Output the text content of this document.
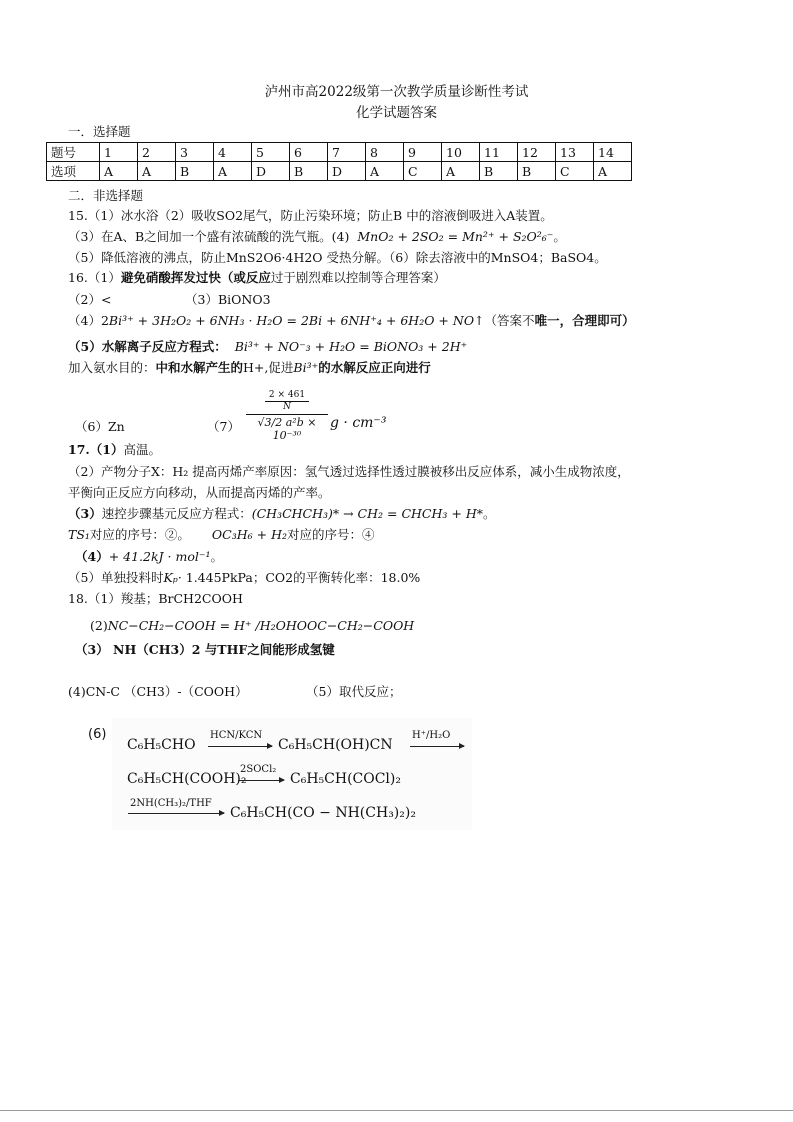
泸州市高2022级第一次教学质量诊断性考试
化学试题答案
一．选择题
题号	1	2	3	4	5	6	7	8	9	10	11	12	13	14
选项	A	A	B	A	D	B	D	A	C	A	B	B	C	A
二．非选择题
15.（1）冰水浴（2）吸收SO2尾气，防止污染环境；防止B 中的溶液倒吸进入A装置。
（3）在A、B之间加一个盛有浓硫酸的洗气瓶。(4) MnO₂ + 2SO₂ = Mn²⁺ + S₂O²₆⁻。
（5）降低溶液的沸点，防止MnS2O6·4H2O 受热分解。（6）除去溶液中的MnSO4；BaSO4。
16.（1）避免硝酸挥发过快（或反应过于剧烈难以控制等合理答案）
（2）<	（3）BiONO3
（4）2Bi³⁺ + 3H₂O₂ + 6NH₃ · H₂O = 2Bi + 6NH⁺₄ + 6H₂O + NO↑（答案不唯一，合理即可）
（5）水解离子反应方程式： Bi³⁺ + NO⁻₃ + H₂O = BiONO₃ + 2H⁺
加入氨水目的：中和水解产生的H+,促进Bi³⁺的水解反应正向进行
（6）Zn	（7）
2 × 461
N
√3/2 a²b × 10⁻³⁰
g · cm⁻³
17.（1）高温。
（2）产物分子X：H₂ 提高丙烯产率原因：氢气透过选择性透过膜被移出反应体系，减小生成物浓度，
平衡向正反应方向移动，从而提高丙烯的产率。
（3）速控步骤基元反应方程式：(CH₃CHCH₃)* → CH₂ = CHCH₃ + H*。
TS₁对应的序号：②。 OC₃H₆ + H₂对应的序号：④
（4）+ 41.2kJ · mol⁻¹。
（5）单独投料时Kₚ· 1.445PkPa；CO2的平衡转化率：18.0%
18.（1）羧基；BrCH2COOH
(2)NC−CH₂−COOH = H⁺ /H₂OHOOC−CH₂−COOH
（3） NH（CH3）2 与THF之间能形成氢键
(4)CN-C （CH3）-（COOH）	（5）取代反应；
(6)
C₆H₅CHO
HCN/KCN
C₆H₅CH(OH)CN
H⁺/H₂O
C₆H₅CH(COOH)₂
2SOCl₂
C₆H₅CH(COCl)₂
2NH(CH₃)₂/THF
C₆H₅CH(CO − NH(CH₃)₂)₂
